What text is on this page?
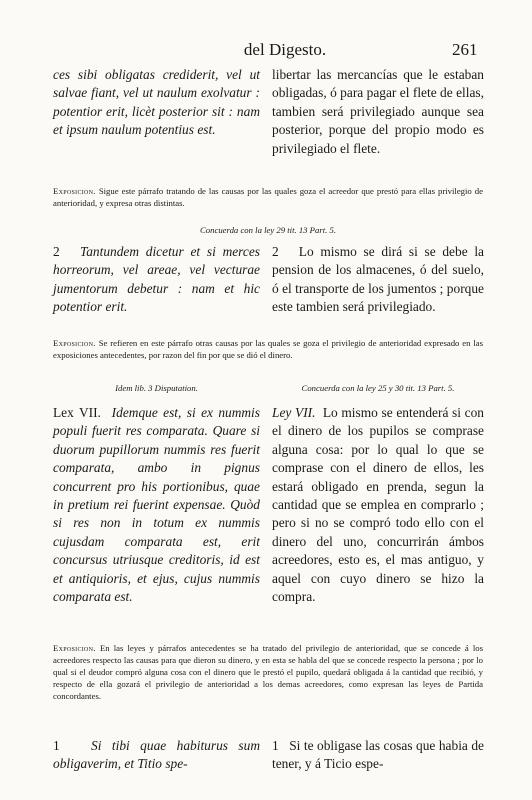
del Digesto.	261

ces sibi obligatas crediderit, vel ut salvae fiant, vel ut naulum exolvatur : potentior erit, licèt posterior sit : nam et ipsum naulum potentius est.

libertar las mercancías que le estaban obligadas, ó para pagar el flete de ellas, tambien será privilegiado aunque sea posterior, porque del propio modo es privilegiado el flete.

Exposicion. Sigue este párrafo tratando de las causas por las quales goza el acreedor que prestó para ellas privilegio de anterioridad, y expresa otras distintas.

Concuerda con la ley 29 tit. 13 Part. 5.

2 Tantundem dicetur et si merces horreorum, vel areae, vel vecturae jumentorum debetur : nam et hic potentior erit.

2 Lo mismo se dirá si se debe la pension de los almacenes, ó del suelo, ó el transporte de los jumentos ; porque este tambien será privilegiado.

Exposicion. Se refieren en este párrafo otras causas por las quales se goza el privilegio de anterioridad expresado en las exposiciones antecedentes, por razon del fin por que se dió el dinero.

Idem lib. 3 Disputation.	Concuerda con la ley 25 y 30 tit. 13 Part. 5.

Lex VII. Idemque est, si ex nummis populi fuerit res comparata. Quare si duorum pupillorum nummis res fuerit comparata, ambo in pignus concurrent pro his portionibus, quae in pretium rei fuerint expensae. Quòd si res non in totum ex nummis cujusdam comparata est, erit concursus utriusque creditoris, id est et antiquioris, et ejus, cujus nummis comparata est.

Ley VII. Lo mismo se entenderá si con el dinero de los pupilos se comprase alguna cosa: por lo qual lo que se comprase con el dinero de ellos, les estará obligado en prenda, segun la cantidad que se emplea en comprarlo ; pero si no se compró todo ello con el dinero del uno, concurrirán ámbos acreedores, esto es, el mas antiguo, y aquel con cuyo dinero se hizo la compra.

Exposicion. En las leyes y párrafos antecedentes se ha tratado del privilegio de anterioridad, que se concede á los acreedores respecto las causas para que dieron su dinero, y en esta se habla del que se concede respecto la persona ; por lo qual si el deudor compró alguna cosa con el dinero que le prestó el pupilo, quedará obligada á la cantidad que recibió, y respecto de ella gozará el privilegio de anterioridad a los demas acreedores, como expresan las leyes de Partida concordantes.

1 Si tibi quae habiturus sum obligaverim, et Titio spe-

1 Si te obligase las cosas que habia de tener, y á Ticio espe-
